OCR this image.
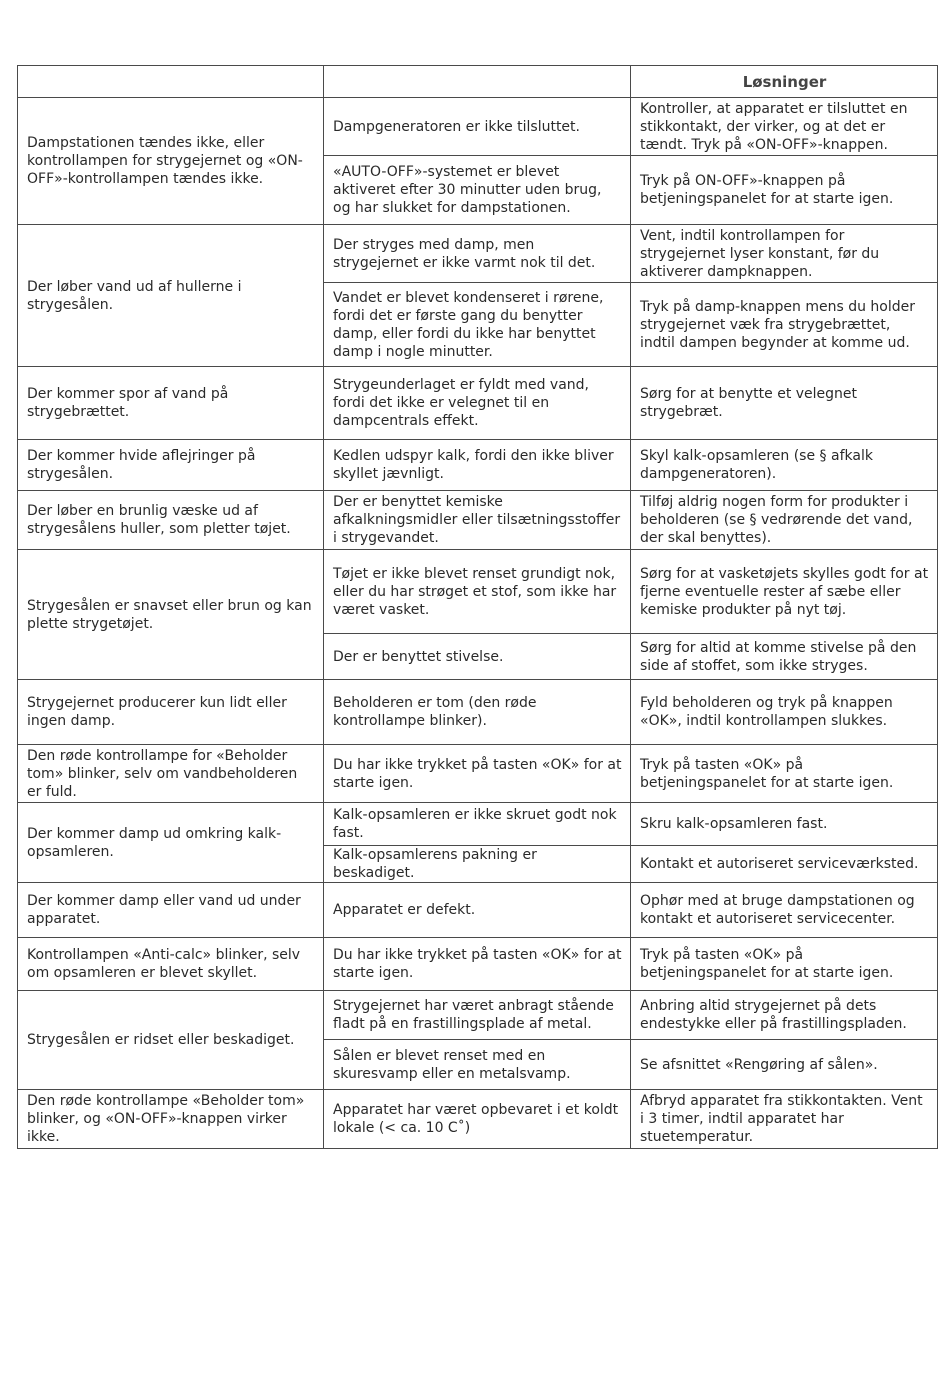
		Løsninger
Dampstationen tændes ikke, eller kontrollampen for strygejernet og «ON-OFF»-kontrollampen tændes ikke.	Dampgeneratoren er ikke tilsluttet.	Kontroller, at apparatet er tilsluttet en stikkontakt, der virker, og at det er tændt. Tryk på «ON-OFF»-knappen.
	«AUTO-OFF»-systemet er blevet aktiveret efter 30 minutter uden brug, og har slukket for dampstationen.	Tryk på ON-OFF»-knappen på betjeningspanelet for at starte igen.
Der løber vand ud af hullerne i strygesålen.	Der stryges med damp, men strygejernet er ikke varmt nok til det.	Vent, indtil kontrollampen for strygejernet lyser konstant, før du aktiverer dampknappen.
	Vandet er blevet kondenseret i rørene, fordi det er første gang du benytter damp, eller fordi du ikke har benyttet damp i nogle minutter.	Tryk på damp-knappen mens du holder strygejernet væk fra strygebrættet, indtil dampen begynder at komme ud.
Der kommer spor af vand på strygebrættet.	Strygeunderlaget er fyldt med vand, fordi det ikke er velegnet til en dampcentrals effekt.	Sørg for at benytte et velegnet strygebræt.
Der kommer hvide aflejringer på strygesålen.	Kedlen udspyr kalk, fordi den ikke bliver skyllet jævnligt.	Skyl kalk-opsamleren (se § afkalk dampgeneratoren).
Der løber en brunlig væske ud af strygesålens huller, som pletter tøjet.	Der er benyttet kemiske afkalkningsmidler eller tilsætningsstoffer i strygevandet.	Tilføj aldrig nogen form for produkter i beholderen (se § vedrørende det vand, der skal benyttes).
Strygesålen er snavset eller brun og kan plette strygetøjet.	Tøjet er ikke blevet renset grundigt nok, eller du har strøget et stof, som ikke har været vasket.	Sørg for at vasketøjets skylles godt for at fjerne eventuelle rester af sæbe eller kemiske produkter på nyt tøj.
	Der er benyttet stivelse.	Sørg for altid at komme stivelse på den side af stoffet, som ikke stryges.
Strygejernet producerer kun lidt eller ingen damp.	Beholderen er tom (den røde kontrollampe blinker).	Fyld beholderen og tryk på knappen «OK», indtil kontrollampen slukkes.
Den røde kontrollampe for «Beholder tom» blinker, selv om vandbeholderen er fuld.	Du har ikke trykket på tasten «OK» for at starte igen.	Tryk på tasten «OK» på betjeningspanelet for at starte igen.
Der kommer damp ud omkring kalk-opsamleren.	Kalk-opsamleren er ikke skruet godt nok fast.	Skru kalk-opsamleren fast.
	Kalk-opsamlerens pakning er beskadiget.	Kontakt et autoriseret serviceværksted.
Der kommer damp eller vand ud under apparatet.	Apparatet er defekt.	Ophør med at bruge dampstationen og kontakt et autoriseret servicecenter.
Kontrollampen «Anti-calc» blinker, selv om opsamleren er blevet skyllet.	Du har ikke trykket på tasten «OK» for at starte igen.	Tryk på tasten «OK» på betjeningspanelet for at starte igen.
Strygesålen er ridset eller beskadiget.	Strygejernet har været anbragt stående fladt på en frastillingsplade af metal.	Anbring altid strygejernet på dets endestykke eller på frastillingspladen.
	Sålen er blevet renset med en skuresvamp eller en metalsvamp.	Se afsnittet «Rengøring af sålen».
Den røde kontrollampe «Beholder tom» blinker, og «ON-OFF»-knappen virker ikke.	Apparatet har været opbevaret i et koldt lokale (< ca. 10 C˚)	Afbryd apparatet fra stikkontakten. Vent i 3 timer, indtil apparatet har stuetemperatur.
